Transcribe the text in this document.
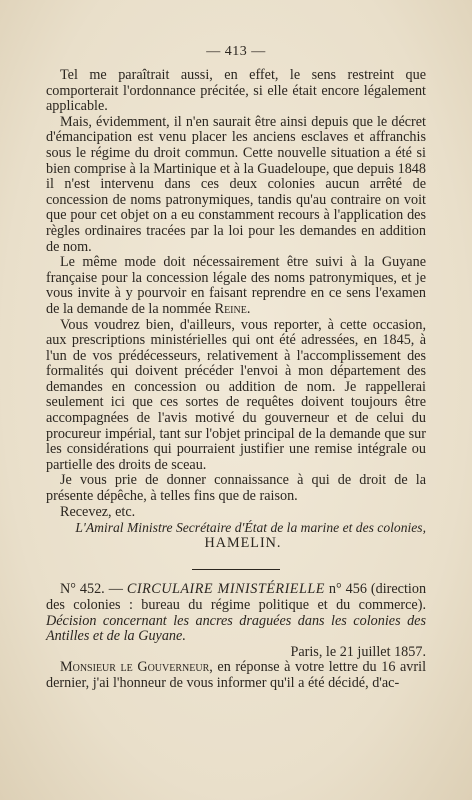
— 413 —

Tel me paraîtrait aussi, en effet, le sens restreint que comporterait l'ordonnance précitée, si elle était encore légalement applicable.

Mais, évidemment, il n'en saurait être ainsi depuis que le décret d'émancipation est venu placer les anciens esclaves et affranchis sous le régime du droit commun. Cette nouvelle situation a été si bien comprise à la Martinique et à la Guadeloupe, que depuis 1848 il n'est intervenu dans ces deux colonies aucun arrêté de concession de noms patronymiques, tandis qu'au contraire on voit que pour cet objet on a eu constamment recours à l'application des règles ordinaires tracées par la loi pour les demandes en addition de nom.

Le même mode doit nécessairement être suivi à la Guyane française pour la concession légale des noms patronymiques, et je vous invite à y pourvoir en faisant reprendre en ce sens l'examen de la demande de la nommée Reine.

Vous voudrez bien, d'ailleurs, vous reporter, à cette occasion, aux prescriptions ministérielles qui ont été adressées, en 1845, à l'un de vos prédécesseurs, relativement à l'accomplissement des formalités qui doivent précéder l'envoi à mon département des demandes en concession ou addition de nom. Je rappellerai seulement ici que ces sortes de requêtes doivent toujours être accompagnées de l'avis motivé du gouverneur et de celui du procureur impérial, tant sur l'objet principal de la demande que sur les considérations qui pourraient justifier une remise intégrale ou partielle des droits de sceau.

Je vous prie de donner connaissance à qui de droit de la présente dépêche, à telles fins que de raison.

Recevez, etc.

L'Amiral Ministre Secrétaire d'État de la marine et des colonies,

HAMELIN.

N° 452. — CIRCULAIRE MINISTÉRIELLE n° 456 (direction des colonies : bureau du régime politique et du commerce). Décision concernant les ancres draguées dans les colonies des Antilles et de la Guyane.

Paris, le 21 juillet 1857.

Monsieur le Gouverneur, en réponse à votre lettre du 16 avril dernier, j'ai l'honneur de vous informer qu'il a été décidé, d'ac-
